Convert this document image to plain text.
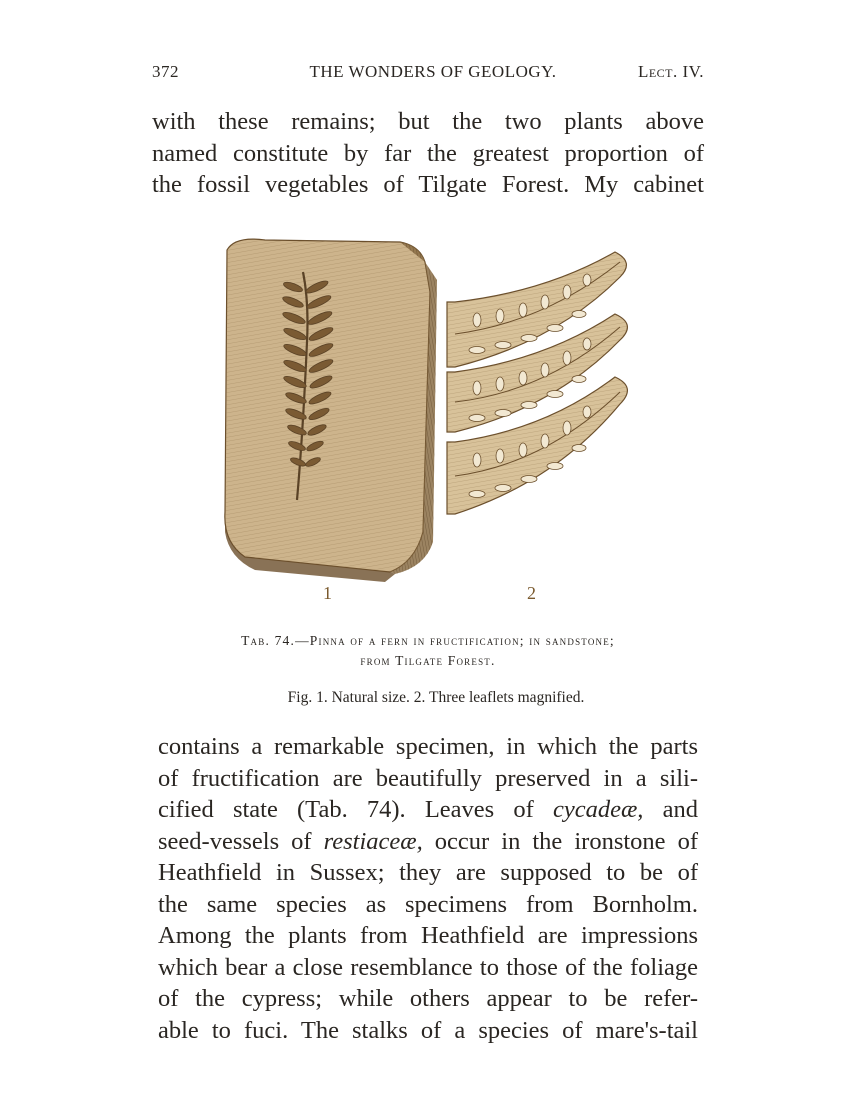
372	THE WONDERS OF GEOLOGY.	Lect. IV.
with these remains; but the two plants above
named constitute by far the greatest proportion of
the fossil vegetables of Tilgate Forest. My cabinet
1	2
Tab. 74.—Pinna of a fern in fructification; in sandstone;
from Tilgate Forest.
Fig. 1. Natural size. 2. Three leaflets magnified.
contains a remarkable specimen, in which the parts
of fructification are beautifully preserved in a sili-
cified state (Tab. 74). Leaves of cycadeæ, and
seed-vessels of restiaceæ, occur in the ironstone of
Heathfield in Sussex; they are supposed to be of
the same species as specimens from Bornholm.
Among the plants from Heathfield are impressions
which bear a close resemblance to those of the foliage
of the cypress; while others appear to be refer-
able to fuci. The stalks of a species of mare's-tail
